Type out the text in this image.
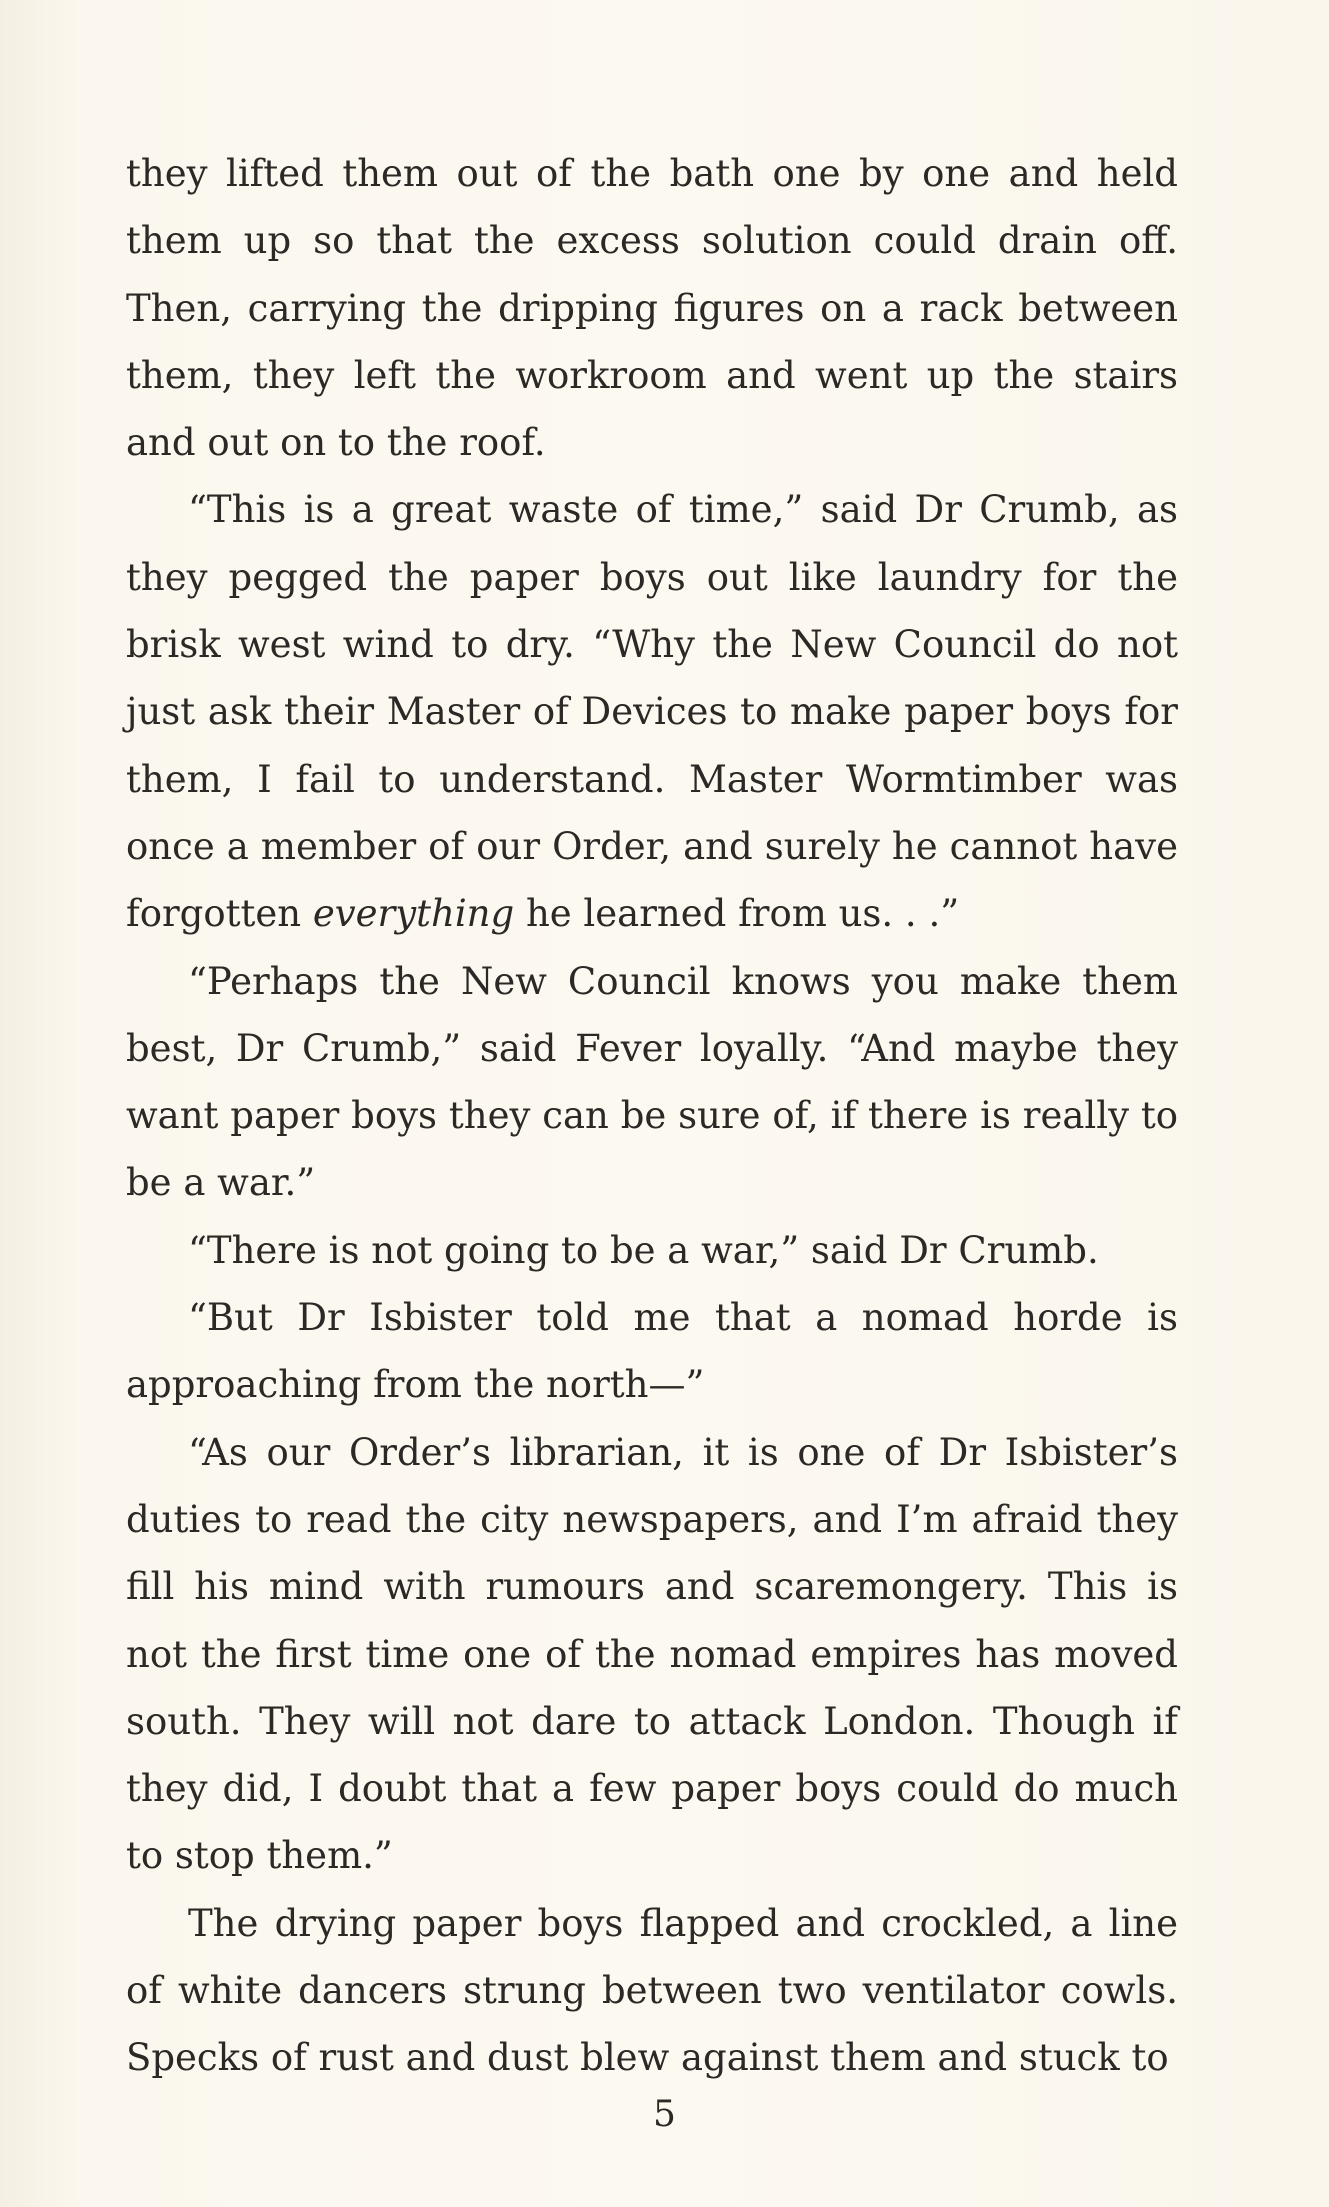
they lifted them out of the bath one by one and held them up so that the excess solution could drain off. Then, carrying the dripping figures on a rack between them, they left the workroom and went up the stairs and out on to the roof.

“This is a great waste of time,” said Dr Crumb, as they pegged the paper boys out like laundry for the brisk west wind to dry. “Why the New Council do not just ask their Master of Devices to make paper boys for them, I fail to understand. Master Wormtimber was once a member of our Order, and surely he cannot have forgotten everything he learned from us. . .”

“Perhaps the New Council knows you make them best, Dr Crumb,” said Fever loyally. “And maybe they want paper boys they can be sure of, if there is really to be a war.”

“There is not going to be a war,” said Dr Crumb.

“But Dr Isbister told me that a nomad horde is approaching from the north—”

“As our Order’s librarian, it is one of Dr Isbister’s duties to read the city newspapers, and I’m afraid they fill his mind with rumours and scaremongery. This is not the first time one of the nomad empires has moved south. They will not dare to attack London. Though if they did, I doubt that a few paper boys could do much to stop them.”

The drying paper boys flapped and crockled, a line of white dancers strung between two ventilator cowls. Specks of rust and dust blew against them and stuck to

5
